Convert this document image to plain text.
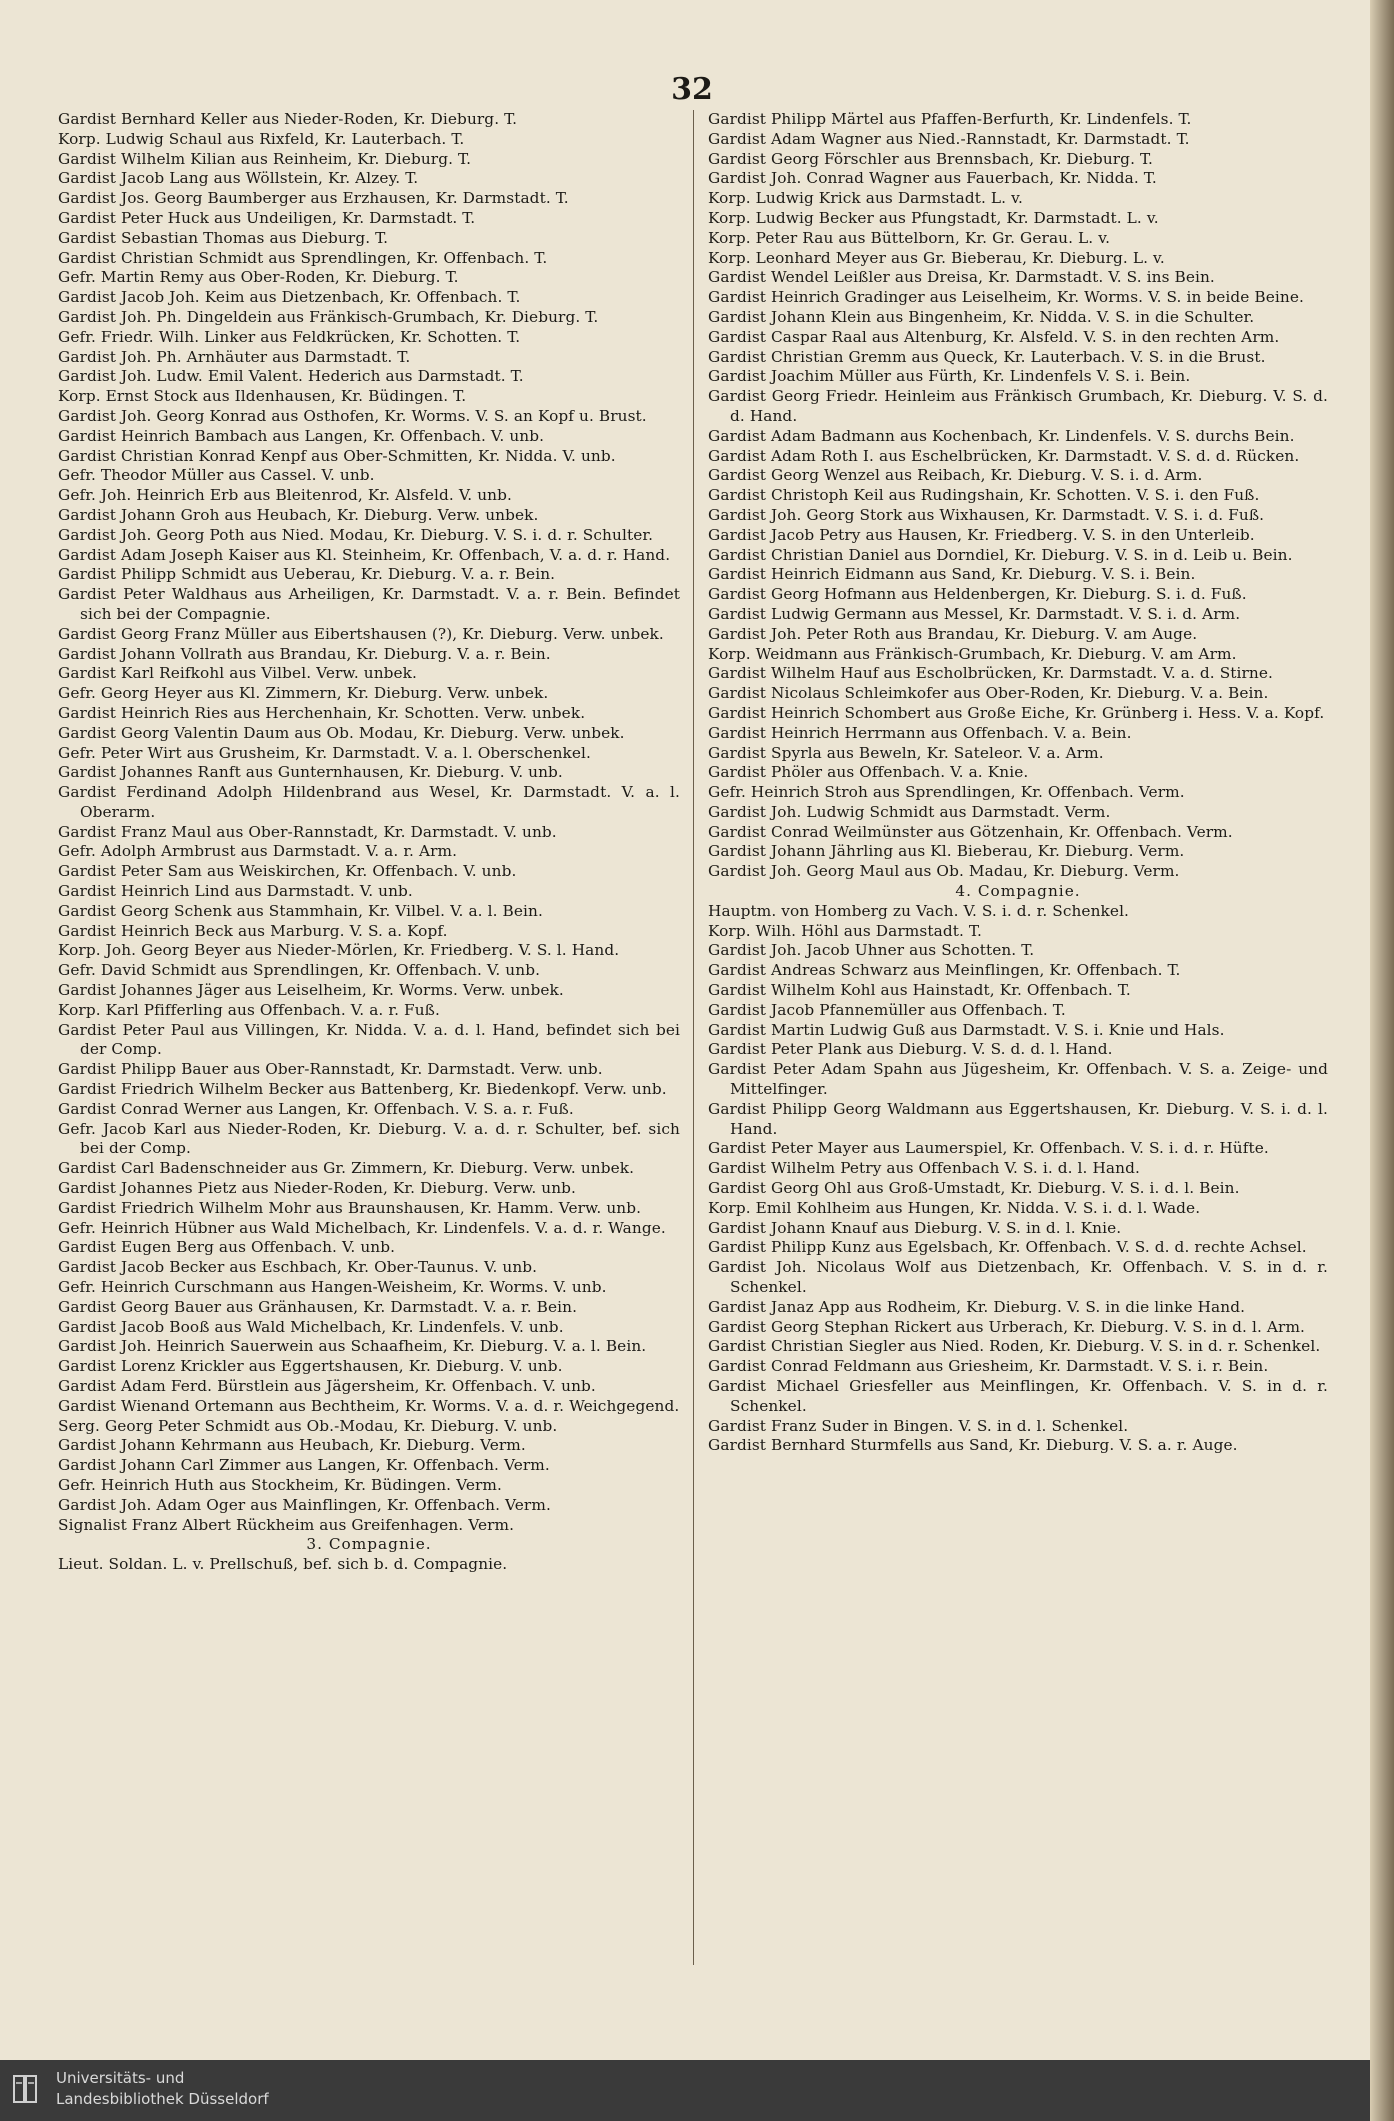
32

Gardist Bernhard Keller aus Nieder-Roden, Kr. Dieburg. T.

Korp. Ludwig Schaul aus Rixfeld, Kr. Lauterbach. T.

Gardist Wilhelm Kilian aus Reinheim, Kr. Dieburg. T.

Gardist Jacob Lang aus Wöllstein, Kr. Alzey. T.

Gardist Jos. Georg Baumberger aus Erzhausen, Kr. Darmstadt. T.

Gardist Peter Huck aus Undeiligen, Kr. Darmstadt. T.

Gardist Sebastian Thomas aus Dieburg. T.

Gardist Christian Schmidt aus Sprendlingen, Kr. Offenbach. T.

Gefr. Martin Remy aus Ober-Roden, Kr. Dieburg. T.

Gardist Jacob Joh. Keim aus Dietzenbach, Kr. Offenbach. T.

Gardist Joh. Ph. Dingeldein aus Fränkisch-Grumbach, Kr. Dieburg. T.

Gefr. Friedr. Wilh. Linker aus Feldkrücken, Kr. Schotten. T.

Gardist Joh. Ph. Arnhäuter aus Darmstadt. T.

Gardist Joh. Ludw. Emil Valent. Hederich aus Darmstadt. T.

Korp. Ernst Stock aus Ildenhausen, Kr. Büdingen. T.

Gardist Joh. Georg Konrad aus Osthofen, Kr. Worms. V. S. an Kopf u. Brust.

Gardist Heinrich Bambach aus Langen, Kr. Offenbach. V. unb.

Gardist Christian Konrad Kenpf aus Ober-Schmitten, Kr. Nidda. V. unb.

Gefr. Theodor Müller aus Cassel. V. unb.

Gefr. Joh. Heinrich Erb aus Bleitenrod, Kr. Alsfeld. V. unb.

Gardist Johann Groh aus Heubach, Kr. Dieburg. Verw. unbek.

Gardist Joh. Georg Poth aus Nied. Modau, Kr. Dieburg. V. S. i. d. r. Schulter.

Gardist Adam Joseph Kaiser aus Kl. Steinheim, Kr. Offenbach, V. a. d. r. Hand.

Gardist Philipp Schmidt aus Ueberau, Kr. Dieburg. V. a. r. Bein.

Gardist Peter Waldhaus aus Arheiligen, Kr. Darmstadt. V. a. r. Bein. Befindet sich bei der Compagnie.

Gardist Georg Franz Müller aus Eibertshausen (?), Kr. Dieburg. Verw. unbek.

Gardist Johann Vollrath aus Brandau, Kr. Dieburg. V. a. r. Bein.

Gardist Karl Reifkohl aus Vilbel. Verw. unbek.

Gefr. Georg Heyer aus Kl. Zimmern, Kr. Dieburg. Verw. unbek.

Gardist Heinrich Ries aus Herchenhain, Kr. Schotten. Verw. unbek.

Gardist Georg Valentin Daum aus Ob. Modau, Kr. Dieburg. Verw. unbek.

Gefr. Peter Wirt aus Grusheim, Kr. Darmstadt. V. a. l. Oberschenkel.

Gardist Johannes Ranft aus Gunternhausen, Kr. Dieburg. V. unb.

Gardist Ferdinand Adolph Hildenbrand aus Wesel, Kr. Darmstadt. V. a. l. Oberarm.

Gardist Franz Maul aus Ober-Rannstadt, Kr. Darmstadt. V. unb.

Gefr. Adolph Armbrust aus Darmstadt. V. a. r. Arm.

Gardist Peter Sam aus Weiskirchen, Kr. Offenbach. V. unb.

Gardist Heinrich Lind aus Darmstadt. V. unb.

Gardist Georg Schenk aus Stammhain, Kr. Vilbel. V. a. l. Bein.

Gardist Heinrich Beck aus Marburg. V. S. a. Kopf.

Korp. Joh. Georg Beyer aus Nieder-Mörlen, Kr. Friedberg. V. S. l. Hand.

Gefr. David Schmidt aus Sprendlingen, Kr. Offenbach. V. unb.

Gardist Johannes Jäger aus Leiselheim, Kr. Worms. Verw. unbek.

Korp. Karl Pfifferling aus Offenbach. V. a. r. Fuß.

Gardist Peter Paul aus Villingen, Kr. Nidda. V. a. d. l. Hand, befindet sich bei der Comp.

Gardist Philipp Bauer aus Ober-Rannstadt, Kr. Darmstadt. Verw. unb.

Gardist Friedrich Wilhelm Becker aus Battenberg, Kr. Biedenkopf. Verw. unb.

Gardist Conrad Werner aus Langen, Kr. Offenbach. V. S. a. r. Fuß.

Gefr. Jacob Karl aus Nieder-Roden, Kr. Dieburg. V. a. d. r. Schulter, bef. sich bei der Comp.

Gardist Carl Badenschneider aus Gr. Zimmern, Kr. Dieburg. Verw. unbek.

Gardist Johannes Pietz aus Nieder-Roden, Kr. Dieburg. Verw. unb.

Gardist Friedrich Wilhelm Mohr aus Braunshausen, Kr. Hamm. Verw. unb.

Gefr. Heinrich Hübner aus Wald Michelbach, Kr. Lindenfels. V. a. d. r. Wange.

Gardist Eugen Berg aus Offenbach. V. unb.

Gardist Jacob Becker aus Eschbach, Kr. Ober-Taunus. V. unb.

Gefr. Heinrich Curschmann aus Hangen-Weisheim, Kr. Worms. V. unb.

Gardist Georg Bauer aus Gränhausen, Kr. Darmstadt. V. a. r. Bein.

Gardist Jacob Booß aus Wald Michelbach, Kr. Lindenfels. V. unb.

Gardist Joh. Heinrich Sauerwein aus Schaafheim, Kr. Dieburg. V. a. l. Bein.

Gardist Lorenz Krickler aus Eggertshausen, Kr. Dieburg. V. unb.

Gardist Adam Ferd. Bürstlein aus Jägersheim, Kr. Offenbach. V. unb.

Gardist Wienand Ortemann aus Bechtheim, Kr. Worms. V. a. d. r. Weichgegend.

Serg. Georg Peter Schmidt aus Ob.-Modau, Kr. Dieburg. V. unb.

Gardist Johann Kehrmann aus Heubach, Kr. Dieburg. Verm.

Gardist Johann Carl Zimmer aus Langen, Kr. Offenbach. Verm.

Gefr. Heinrich Huth aus Stockheim, Kr. Büdingen. Verm.

Gardist Joh. Adam Oger aus Mainflingen, Kr. Offenbach. Verm.

Signalist Franz Albert Rückheim aus Greifenhagen. Verm.

3. Compagnie.

Lieut. Soldan. L. v. Prellschuß, bef. sich b. d. Compagnie.

Gardist Philipp Märtel aus Pfaffen-Berfurth, Kr. Lindenfels. T.

Gardist Adam Wagner aus Nied.-Rannstadt, Kr. Darmstadt. T.

Gardist Georg Förschler aus Brennsbach, Kr. Dieburg. T.

Gardist Joh. Conrad Wagner aus Fauerbach, Kr. Nidda. T.

Korp. Ludwig Krick aus Darmstadt. L. v.

Korp. Ludwig Becker aus Pfungstadt, Kr. Darmstadt. L. v.

Korp. Peter Rau aus Büttelborn, Kr. Gr. Gerau. L. v.

Korp. Leonhard Meyer aus Gr. Bieberau, Kr. Dieburg. L. v.

Gardist Wendel Leißler aus Dreisa, Kr. Darmstadt. V. S. ins Bein.

Gardist Heinrich Gradinger aus Leiselheim, Kr. Worms. V. S. in beide Beine.

Gardist Johann Klein aus Bingenheim, Kr. Nidda. V. S. in die Schulter.

Gardist Caspar Raal aus Altenburg, Kr. Alsfeld. V. S. in den rechten Arm.

Gardist Christian Gremm aus Queck, Kr. Lauterbach. V. S. in die Brust.

Gardist Joachim Müller aus Fürth, Kr. Lindenfels V. S. i. Bein.

Gardist Georg Friedr. Heinleim aus Fränkisch Grumbach, Kr. Dieburg. V. S. d. d. Hand.

Gardist Adam Badmann aus Kochenbach, Kr. Lindenfels. V. S. durchs Bein.

Gardist Adam Roth I. aus Eschelbrücken, Kr. Darmstadt. V. S. d. d. Rücken.

Gardist Georg Wenzel aus Reibach, Kr. Dieburg. V. S. i. d. Arm.

Gardist Christoph Keil aus Rudingshain, Kr. Schotten. V. S. i. den Fuß.

Gardist Joh. Georg Stork aus Wixhausen, Kr. Darmstadt. V. S. i. d. Fuß.

Gardist Jacob Petry aus Hausen, Kr. Friedberg. V. S. in den Unterleib.

Gardist Christian Daniel aus Dorndiel, Kr. Dieburg. V. S. in d. Leib u. Bein.

Gardist Heinrich Eidmann aus Sand, Kr. Dieburg. V. S. i. Bein.

Gardist Georg Hofmann aus Heldenbergen, Kr. Dieburg. S. i. d. Fuß.

Gardist Ludwig Germann aus Messel, Kr. Darmstadt. V. S. i. d. Arm.

Gardist Joh. Peter Roth aus Brandau, Kr. Dieburg. V. am Auge.

Korp. Weidmann aus Fränkisch-Grumbach, Kr. Dieburg. V. am Arm.

Gardist Wilhelm Hauf aus Escholbrücken, Kr. Darmstadt. V. a. d. Stirne.

Gardist Nicolaus Schleimkofer aus Ober-Roden, Kr. Dieburg. V. a. Bein.

Gardist Heinrich Schombert aus Große Eiche, Kr. Grünberg i. Hess. V. a. Kopf.

Gardist Heinrich Herrmann aus Offenbach. V. a. Bein.

Gardist Spyrla aus Beweln, Kr. Sateleor. V. a. Arm.

Gardist Phöler aus Offenbach. V. a. Knie.

Gefr. Heinrich Stroh aus Sprendlingen, Kr. Offenbach. Verm.

Gardist Joh. Ludwig Schmidt aus Darmstadt. Verm.

Gardist Conrad Weilmünster aus Götzenhain, Kr. Offenbach. Verm.

Gardist Johann Jährling aus Kl. Bieberau, Kr. Dieburg. Verm.

Gardist Joh. Georg Maul aus Ob. Madau, Kr. Dieburg. Verm.

4. Compagnie.

Hauptm. von Homberg zu Vach. V. S. i. d. r. Schenkel.

Korp. Wilh. Höhl aus Darmstadt. T.

Gardist Joh. Jacob Uhner aus Schotten. T.

Gardist Andreas Schwarz aus Meinflingen, Kr. Offenbach. T.

Gardist Wilhelm Kohl aus Hainstadt, Kr. Offenbach. T.

Gardist Jacob Pfannemüller aus Offenbach. T.

Gardist Martin Ludwig Guß aus Darmstadt. V. S. i. Knie und Hals.

Gardist Peter Plank aus Dieburg. V. S. d. d. l. Hand.

Gardist Peter Adam Spahn aus Jügesheim, Kr. Offenbach. V. S. a. Zeige- und Mittelfinger.

Gardist Philipp Georg Waldmann aus Eggertshausen, Kr. Dieburg. V. S. i. d. l. Hand.

Gardist Peter Mayer aus Laumerspiel, Kr. Offenbach. V. S. i. d. r. Hüfte.

Gardist Wilhelm Petry aus Offenbach V. S. i. d. l. Hand.

Gardist Georg Ohl aus Groß-Umstadt, Kr. Dieburg. V. S. i. d. l. Bein.

Korp. Emil Kohlheim aus Hungen, Kr. Nidda. V. S. i. d. l. Wade.

Gardist Johann Knauf aus Dieburg. V. S. in d. l. Knie.

Gardist Philipp Kunz aus Egelsbach, Kr. Offenbach. V. S. d. d. rechte Achsel.

Gardist Joh. Nicolaus Wolf aus Dietzenbach, Kr. Offenbach. V. S. in d. r. Schenkel.

Gardist Janaz App aus Rodheim, Kr. Dieburg. V. S. in die linke Hand.

Gardist Georg Stephan Rickert aus Urberach, Kr. Dieburg. V. S. in d. l. Arm.

Gardist Christian Siegler aus Nied. Roden, Kr. Dieburg. V. S. in d. r. Schenkel.

Gardist Conrad Feldmann aus Griesheim, Kr. Darmstadt. V. S. i. r. Bein.

Gardist Michael Griesfeller aus Meinflingen, Kr. Offenbach. V. S. in d. r. Schenkel.

Gardist Franz Suder in Bingen. V. S. in d. l. Schenkel.

Gardist Bernhard Sturmfells aus Sand, Kr. Dieburg. V. S. a. r. Auge.

Universitäts- und
Landesbibliothek Düsseldorf
